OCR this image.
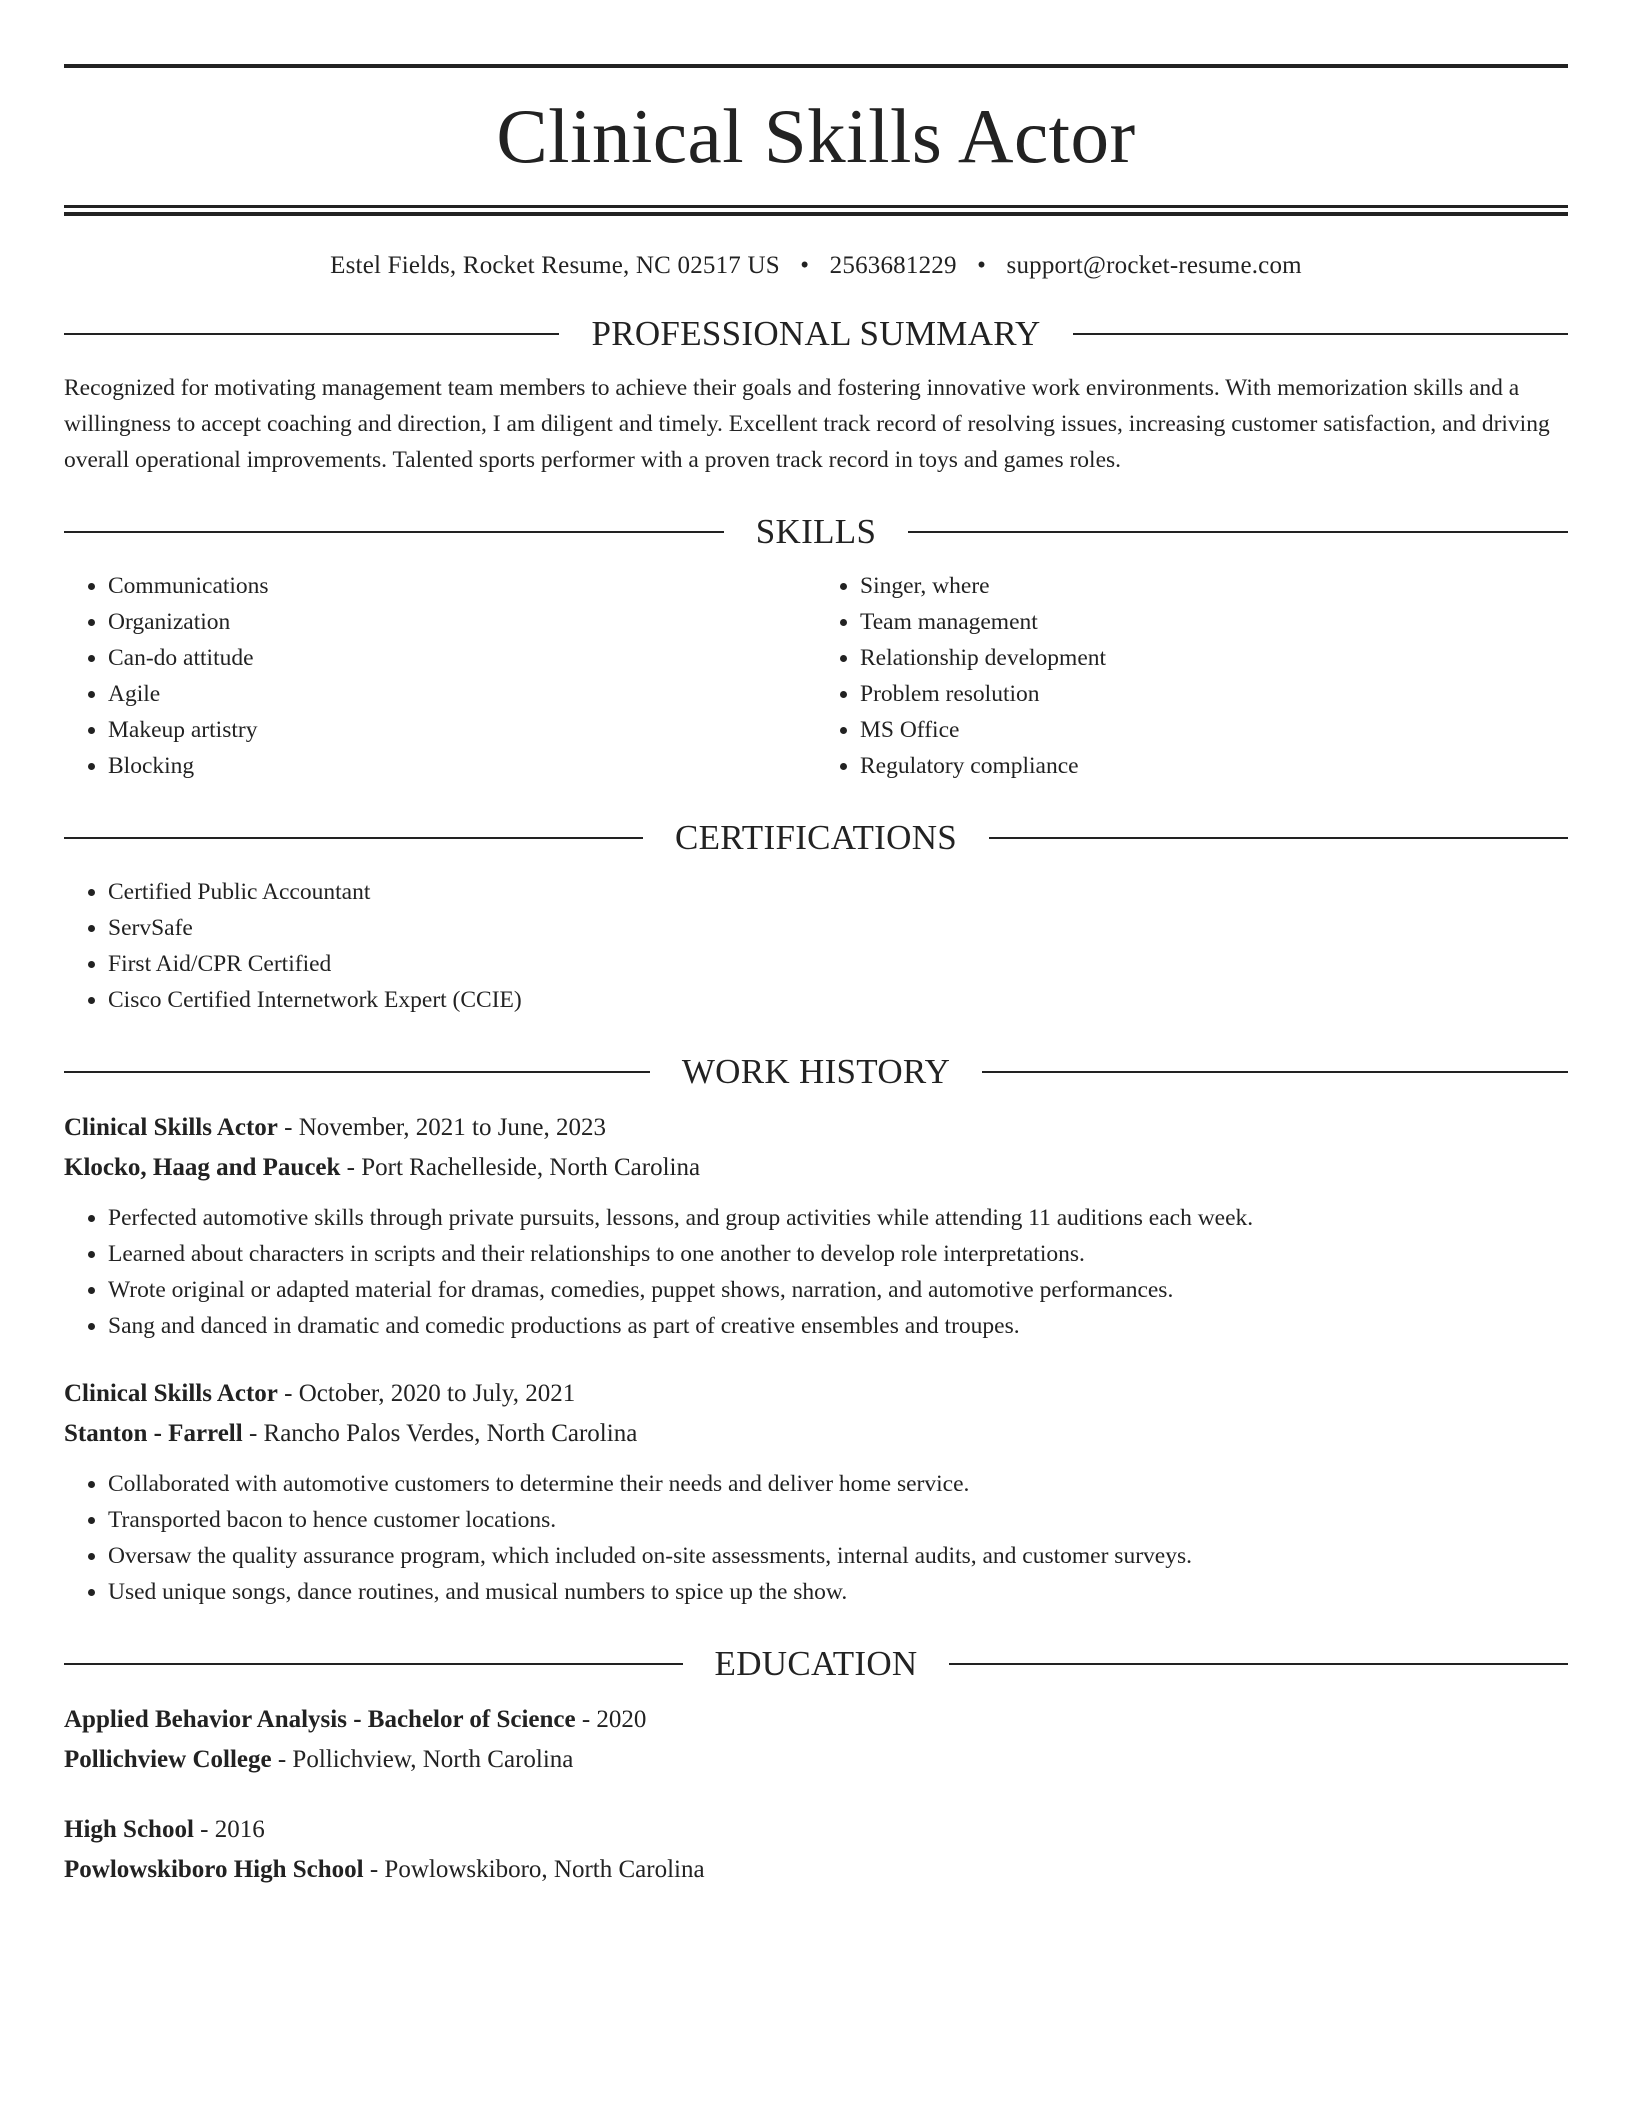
Clinical Skills Actor
Estel Fields, Rocket Resume, NC 02517 US • 2563681229 • support@rocket-resume.com
PROFESSIONAL SUMMARY

Recognized for motivating management team members to achieve their goals and fostering innovative work environments. With memorization skills and a willingness to accept coaching and direction, I am diligent and timely. Excellent track record of resolving issues, increasing customer satisfaction, and driving overall operational improvements. Talented sports performer with a proven track record in toys and games roles.

SKILLS
• Communications
• Organization
• Can-do attitude
• Agile
• Makeup artistry
• Blocking
• Singer, where
• Team management
• Relationship development
• Problem resolution
• MS Office
• Regulatory compliance
CERTIFICATIONS
• Certified Public Accountant
• ServSafe
• First Aid/CPR Certified
• Cisco Certified Internetwork Expert (CCIE)
WORK HISTORY
Clinical Skills Actor - November, 2021 to June, 2023
Klocko, Haag and Paucek - Port Rachelleside, North Carolina
• Perfected automotive skills through private pursuits, lessons, and group activities while attending 11 auditions each week.
• Learned about characters in scripts and their relationships to one another to develop role interpretations.
• Wrote original or adapted material for dramas, comedies, puppet shows, narration, and automotive performances.
• Sang and danced in dramatic and comedic productions as part of creative ensembles and troupes.
Clinical Skills Actor - October, 2020 to July, 2021
Stanton - Farrell - Rancho Palos Verdes, North Carolina
• Collaborated with automotive customers to determine their needs and deliver home service.
• Transported bacon to hence customer locations.
• Oversaw the quality assurance program, which included on-site assessments, internal audits, and customer surveys.
• Used unique songs, dance routines, and musical numbers to spice up the show.
EDUCATION
Applied Behavior Analysis - Bachelor of Science - 2020
Pollichview College - Pollichview, North Carolina
High School - 2016
Powlowskiboro High School - Powlowskiboro, North Carolina
